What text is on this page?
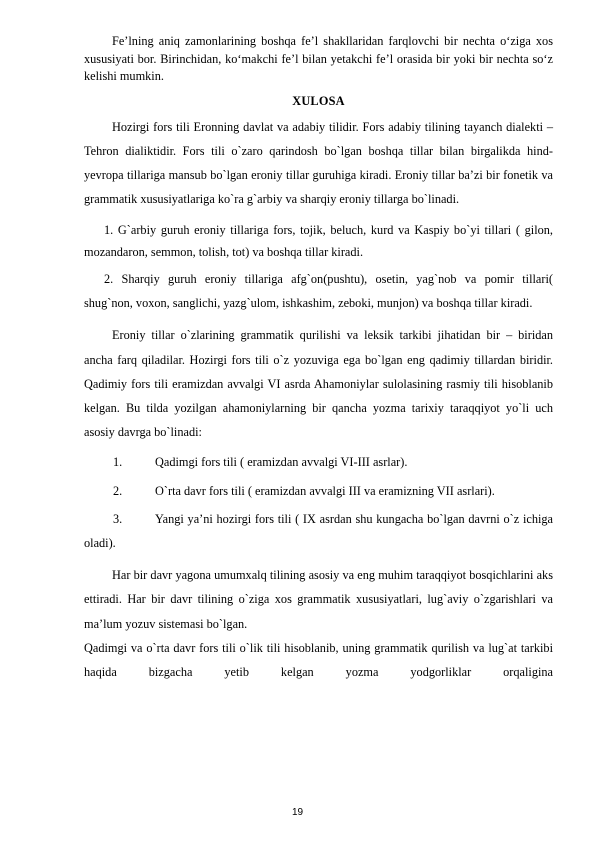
Fe’lning aniq zamonlarining boshqa fe’l shakllaridan farqlovchi bir nechta o‘ziga xos xususiyati bor. Birinchidan, ko‘makchi fe’l bilan yetakchi fe’l orasida bir yoki bir nechta so‘z kelishi mumkin.

XULOSA

Hozirgi fors tili Eronning davlat va adabiy tilidir. Fors adabiy tilining tayanch dialekti – Tehron dialiktidir. Fors tili o`zaro qarindosh bo`lgan boshqa tillar bilan birgalikda hind- yevropa tillariga mansub bo`lgan eroniy tillar guruhiga kiradi. Eroniy tillar ba’zi bir fonetik va grammatik xususiyatlariga ko`ra g`arbiy va sharqiy eroniy tillarga bo`linadi.

1. G`arbiy guruh eroniy tillariga fors, tojik, beluch, kurd va Kaspiy bo`yi tillari ( gilon, mozandaron, semmon, tolish, tot) va boshqa tillar kiradi.

2. Sharqiy guruh eroniy tillariga afg`on(pushtu), osetin, yag`nob va pomir tillari( shug`non, voxon, sanglichi, yazg`ulom, ishkashim, zeboki, munjon) va boshqa tillar kiradi.

Eroniy tillar o`zlarining grammatik qurilishi va leksik tarkibi jihatidan bir – biridan ancha farq qiladilar. Hozirgi fors tili o`z yozuviga ega bo`lgan eng qadimiy tillardan biridir. Qadimiy fors tili eramizdan avvalgi VI asrda Ahamoniylar sulolasining rasmiy tili hisoblanib kelgan. Bu tilda yozilgan ahamoniylarning bir qancha yozma tarixiy taraqqiyot yo`li uch asosiy davrga bo`linadi:

1.	Qadimgi fors tili ( eramizdan avvalgi VI-III asrlar).

2.	O`rta davr fors tili ( eramizdan avvalgi III va eramizning VII asrlari).

3.	Yangi ya’ni hozirgi fors tili ( IX asrdan shu kungacha bo`lgan davrni o`z ichiga oladi).

Har bir davr yagona umumxalq tilining asosiy va eng muhim taraqqiyot bosqichlarini aks ettiradi. Har bir davr tilining o`ziga xos grammatik xususiyatlari, lug`aviy o`zgarishlari va ma’lum yozuv sistemasi bo`lgan.

Qadimgi va o`rta davr fors tili o`lik tili hisoblanib, uning grammatik qurilish va lug`at tarkibi haqida bizgacha yetib kelgan yozma yodgorliklar orqaligina

19
